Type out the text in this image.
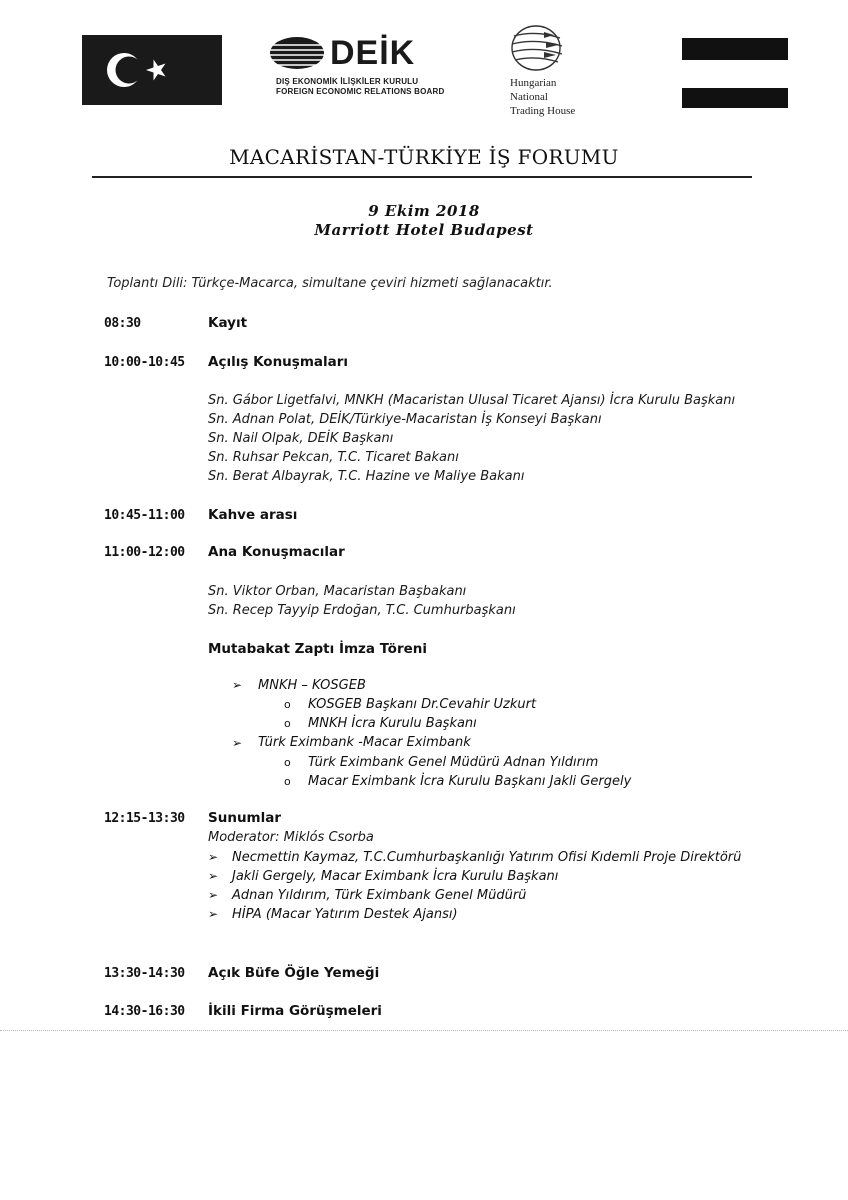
DEİK
DIŞ EKONOMİK İLİŞKİLER KURULU
FOREIGN ECONOMIC RELATIONS BOARD
Hungarian
National
Trading House
MACARİSTAN-TÜRKİYE İŞ FORUMU
9 Ekim 2018
Marriott Hotel Budapest
Toplantı Dili: Türkçe-Macarca, simultane çeviri hizmeti sağlanacaktır.
08:30	Kayıt
10:00-10:45 Açılış Konuşmaları
Sn. Gábor Ligetfalvi, MNKH (Macaristan Ulusal Ticaret Ajansı) İcra Kurulu Başkanı
Sn. Adnan Polat, DEİK/Türkiye-Macaristan İş Konseyi Başkanı
Sn. Nail Olpak, DEİK Başkanı
Sn. Ruhsar Pekcan, T.C. Ticaret Bakanı
Sn. Berat Albayrak, T.C. Hazine ve Maliye Bakanı
10:45-11:00 Kahve arası
11:00-12:00 Ana Konuşmacılar
Sn. Viktor Orban, Macaristan Başbakanı
Sn. Recep Tayyip Erdoğan, T.C. Cumhurbaşkanı
Mutabakat Zaptı İmza Töreni
➢ MNKH – KOSGEB
o KOSGEB Başkanı Dr.Cevahir Uzkurt
o MNKH İcra Kurulu Başkanı
➢ Türk Eximbank -Macar Eximbank
o Türk Eximbank Genel Müdürü Adnan Yıldırım
o Macar Eximbank İcra Kurulu Başkanı Jakli Gergely
12:15-13:30 Sunumlar
Moderator: Miklós Csorba
➢ Necmettin Kaymaz, T.C.Cumhurbaşkanlığı Yatırım Ofisi Kıdemli Proje Direktörü
➢ Jakli Gergely, Macar Eximbank İcra Kurulu Başkanı
➢ Adnan Yıldırım, Türk Eximbank Genel Müdürü
➢ HİPA (Macar Yatırım Destek Ajansı)
13:30-14:30 Açık Büfe Öğle Yemeği
14:30-16:30 İkili Firma Görüşmeleri
